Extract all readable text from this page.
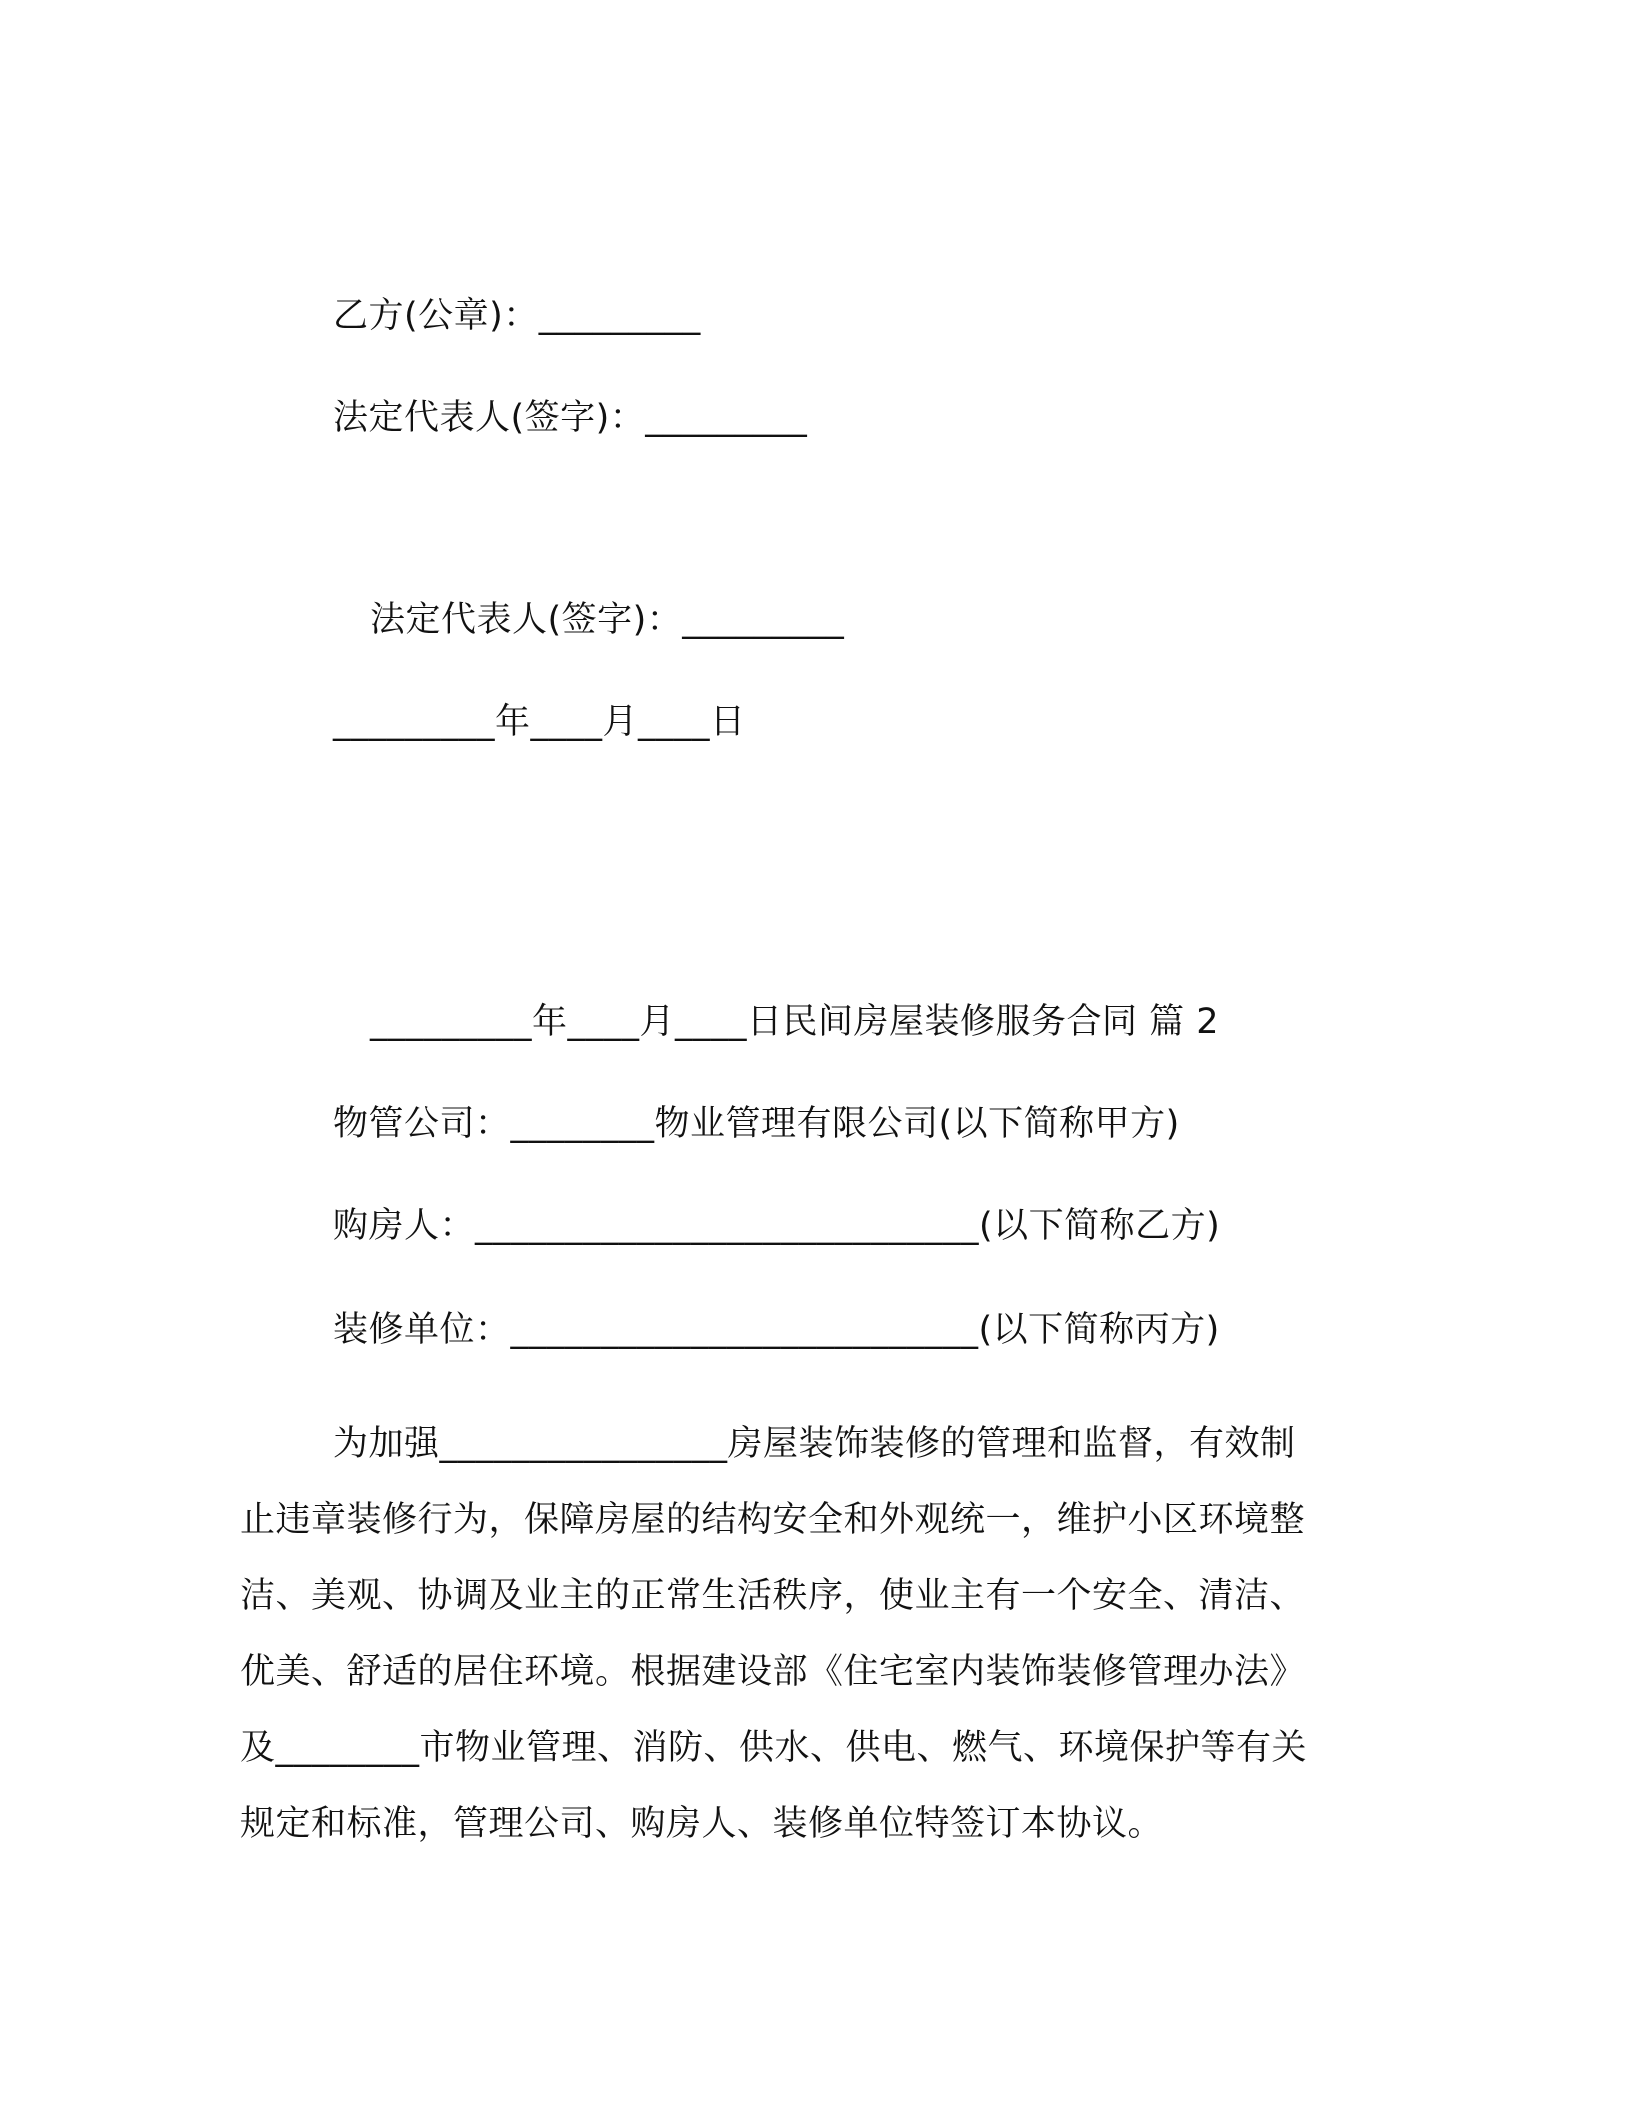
乙方(公章)：_________
法定代表人(签字)：_________
法定代表人(签字)：_________
_________年____月____日
_________年____月____日民间房屋装修服务合同 篇 2
物管公司：________物业管理有限公司(以下简称甲方)
购房人：____________________________(以下简称乙方)
装修单位：__________________________(以下简称丙方)
为加强________________房屋装饰装修的管理和监督，有效制
止违章装修行为，保障房屋的结构安全和外观统一，维护小区环境整
洁、美观、协调及业主的正常生活秩序，使业主有一个安全、清洁、
优美、舒适的居住环境。根据建设部《住宅室内装饰装修管理办法》
及________市物业管理、消防、供水、供电、燃气、环境保护等有关
规定和标准，管理公司、购房人、装修单位特签订本协议。
